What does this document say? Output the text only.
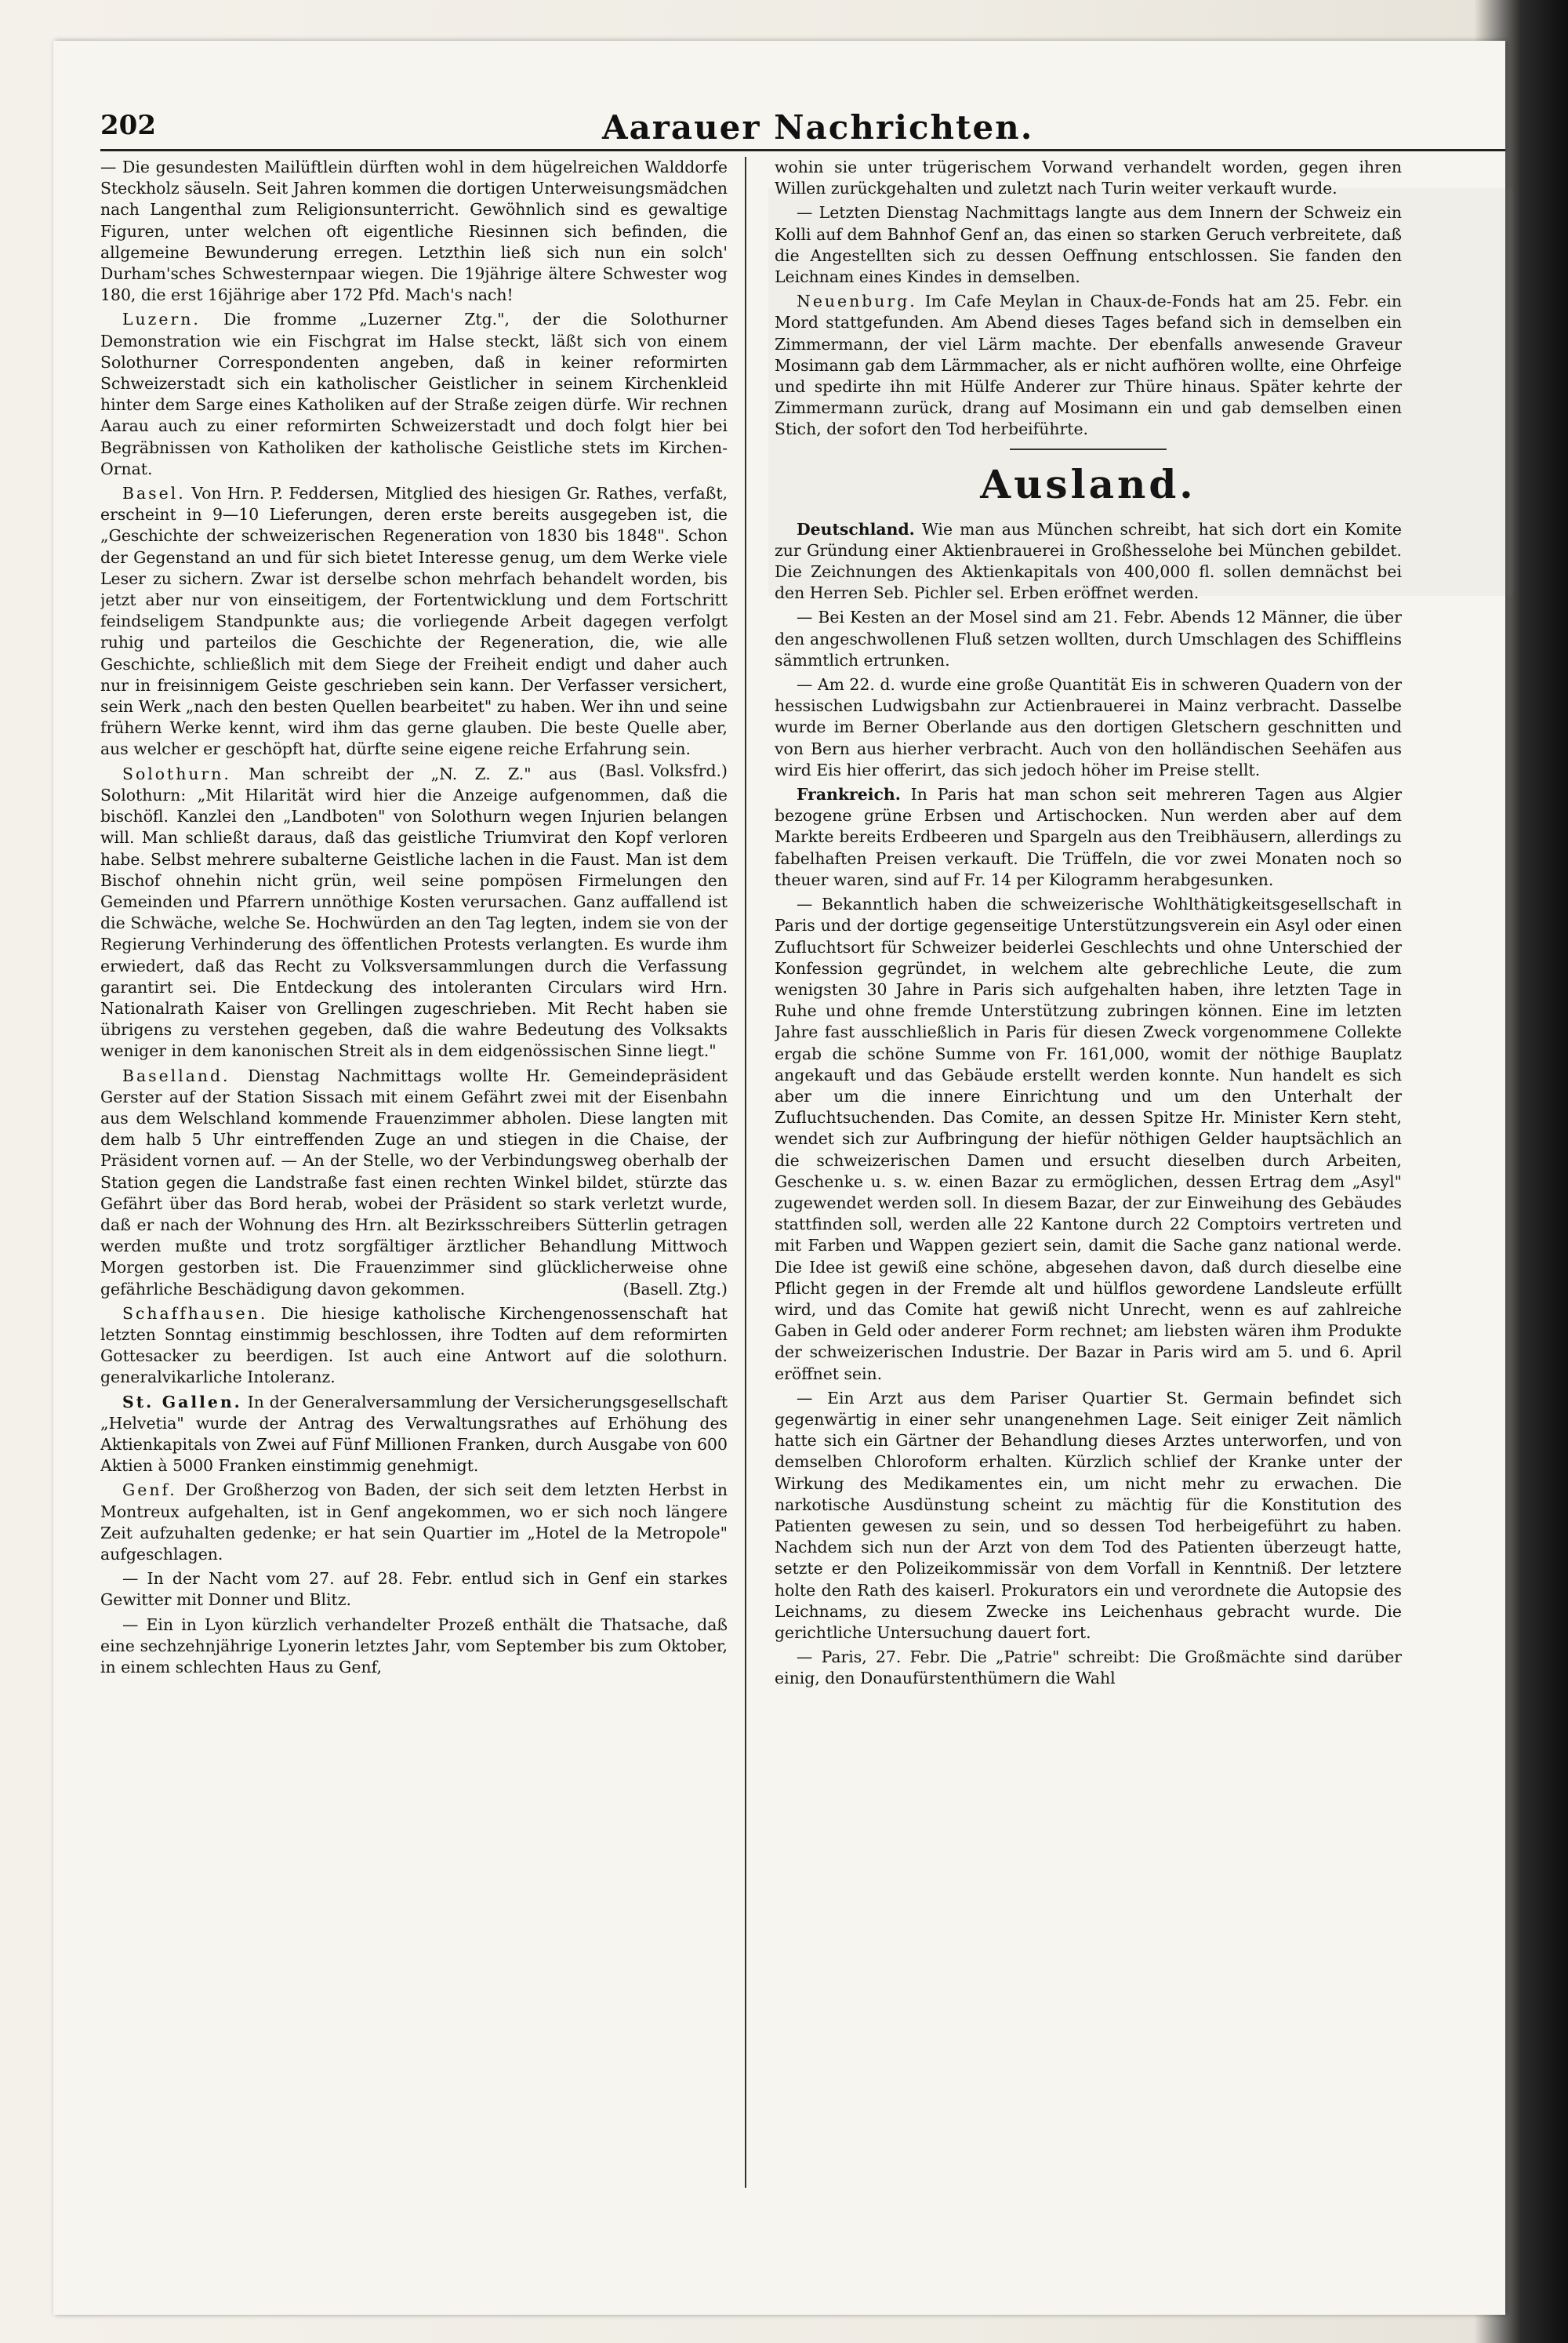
202	Aarauer Nachrichten.

— Die gesundesten Mailüftlein dürften wohl in dem hügelreichen Walddorfe Steckholz säuseln. Seit Jahren kommen die dortigen Unterweisungsmädchen nach Langenthal zum Religionsunterricht. Gewöhnlich sind es gewaltige Figuren, unter welchen oft eigentliche Riesinnen sich befinden, die allgemeine Bewunderung erregen. Letzthin ließ sich nun ein solch' Durham'sches Schwesternpaar wiegen. Die 19jährige ältere Schwester wog 180, die erst 16jährige aber 172 Pfd. Mach's nach!

Luzern. Die fromme „Luzerner Ztg.", der die Solothurner Demonstration wie ein Fischgrat im Halse steckt, läßt sich von einem Solothurner Correspondenten angeben, daß in keiner reformirten Schweizerstadt sich ein katholischer Geistlicher in seinem Kirchenkleid hinter dem Sarge eines Katholiken auf der Straße zeigen dürfe. Wir rechnen Aarau auch zu einer reformirten Schweizerstadt und doch folgt hier bei Begräbnissen von Katholiken der katholische Geistliche stets im Kirchen-Ornat.

Basel. Von Hrn. P. Feddersen, Mitglied des hiesigen Gr. Rathes, verfaßt, erscheint in 9—10 Lieferungen, deren erste bereits ausgegeben ist, die „Geschichte der schweizerischen Regeneration von 1830 bis 1848". Schon der Gegenstand an und für sich bietet Interesse genug, um dem Werke viele Leser zu sichern. Zwar ist derselbe schon mehrfach behandelt worden, bis jetzt aber nur von einseitigem, der Fortentwicklung und dem Fortschritt feindseligem Standpunkte aus; die vorliegende Arbeit dagegen verfolgt ruhig und parteilos die Geschichte der Regeneration, die, wie alle Geschichte, schließlich mit dem Siege der Freiheit endigt und daher auch nur in freisinnigem Geiste geschrieben sein kann. Der Verfasser versichert, sein Werk „nach den besten Quellen bearbeitet" zu haben. Wer ihn und seine frühern Werke kennt, wird ihm das gerne glauben. Die beste Quelle aber, aus welcher er geschöpft hat, dürfte seine eigene reiche Erfahrung sein.
(Basl. Volksfrd.)

Solothurn. Man schreibt der „N. Z. Z." aus Solothurn: „Mit Hilarität wird hier die Anzeige aufgenommen, daß die bischöfl. Kanzlei den „Landboten" von Solothurn wegen Injurien belangen will. Man schließt daraus, daß das geistliche Triumvirat den Kopf verloren habe. Selbst mehrere subalterne Geistliche lachen in die Faust. Man ist dem Bischof ohnehin nicht grün, weil seine pompösen Firmelungen den Gemeinden und Pfarrern unnöthige Kosten verursachen. Ganz auffallend ist die Schwäche, welche Se. Hochwürden an den Tag legten, indem sie von der Regierung Verhinderung des öffentlichen Protests verlangten. Es wurde ihm erwiedert, daß das Recht zu Volksversammlungen durch die Verfassung garantirt sei. Die Entdeckung des intoleranten Circulars wird Hrn. Nationalrath Kaiser von Grellingen zugeschrieben. Mit Recht haben sie übrigens zu verstehen gegeben, daß die wahre Bedeutung des Volksakts weniger in dem kanonischen Streit als in dem eidgenössischen Sinne liegt."

Baselland. Dienstag Nachmittags wollte Hr. Gemeindepräsident Gerster auf der Station Sissach mit einem Gefährt zwei mit der Eisenbahn aus dem Welschland kommende Frauenzimmer abholen. Diese langten mit dem halb 5 Uhr eintreffenden Zuge an und stiegen in die Chaise, der Präsident vornen auf. — An der Stelle, wo der Verbindungsweg oberhalb der Station gegen die Landstraße fast einen rechten Winkel bildet, stürzte das Gefährt über das Bord herab, wobei der Präsident so stark verletzt wurde, daß er nach der Wohnung des Hrn. alt Bezirksschreibers Sütterlin getragen werden mußte und trotz sorgfältiger ärztlicher Behandlung Mittwoch Morgen gestorben ist. Die Frauenzimmer sind glücklicherweise ohne gefährliche Beschädigung davon gekommen.	(Basell. Ztg.)

Schaffhausen. Die hiesige katholische Kirchengenossenschaft hat letzten Sonntag einstimmig beschlossen, ihre Todten auf dem reformirten Gottesacker zu beerdigen. Ist auch eine Antwort auf die solothurn. generalvikarliche Intoleranz.

St. Gallen. In der Generalversammlung der Versicherungsgesellschaft „Helvetia" wurde der Antrag des Verwaltungsrathes auf Erhöhung des Aktienkapitals von Zwei auf Fünf Millionen Franken, durch Ausgabe von 600 Aktien à 5000 Franken einstimmig genehmigt.

Genf. Der Großherzog von Baden, der sich seit dem letzten Herbst in Montreux aufgehalten, ist in Genf angekommen, wo er sich noch längere Zeit aufzuhalten gedenke; er hat sein Quartier im „Hotel de la Metropole" aufgeschlagen.

— In der Nacht vom 27. auf 28. Febr. entlud sich in Genf ein starkes Gewitter mit Donner und Blitz.

— Ein in Lyon kürzlich verhandelter Prozeß enthält die Thatsache, daß eine sechzehnjährige Lyonerin letztes Jahr, vom September bis zum Oktober, in einem schlechten Haus zu Genf,

wohin sie unter trügerischem Vorwand verhandelt worden, gegen ihren Willen zurückgehalten und zuletzt nach Turin weiter verkauft wurde.

— Letzten Dienstag Nachmittags langte aus dem Innern der Schweiz ein Kolli auf dem Bahnhof Genf an, das einen so starken Geruch verbreitete, daß die Angestellten sich zu dessen Oeffnung entschlossen. Sie fanden den Leichnam eines Kindes in demselben.

Neuenburg. Im Cafe Meylan in Chaux-de-Fonds hat am 25. Febr. ein Mord stattgefunden. Am Abend dieses Tages befand sich in demselben ein Zimmermann, der viel Lärm machte. Der ebenfalls anwesende Graveur Mosimann gab dem Lärmmacher, als er nicht aufhören wollte, eine Ohrfeige und spedirte ihn mit Hülfe Anderer zur Thüre hinaus. Später kehrte der Zimmermann zurück, drang auf Mosimann ein und gab demselben einen Stich, der sofort den Tod herbeiführte.

Ausland.

Deutschland. Wie man aus München schreibt, hat sich dort ein Komite zur Gründung einer Aktienbrauerei in Großhesselohe bei München gebildet. Die Zeichnungen des Aktienkapitals von 400,000 fl. sollen demnächst bei den Herren Seb. Pichler sel. Erben eröffnet werden.

— Bei Kesten an der Mosel sind am 21. Febr. Abends 12 Männer, die über den angeschwollenen Fluß setzen wollten, durch Umschlagen des Schiffleins sämmtlich ertrunken.

— Am 22. d. wurde eine große Quantität Eis in schweren Quadern von der hessischen Ludwigsbahn zur Actienbrauerei in Mainz verbracht. Dasselbe wurde im Berner Oberlande aus den dortigen Gletschern geschnitten und von Bern aus hierher verbracht. Auch von den holländischen Seehäfen aus wird Eis hier offerirt, das sich jedoch höher im Preise stellt.

Frankreich. In Paris hat man schon seit mehreren Tagen aus Algier bezogene grüne Erbsen und Artischocken. Nun werden aber auf dem Markte bereits Erdbeeren und Spargeln aus den Treibhäusern, allerdings zu fabelhaften Preisen verkauft. Die Trüffeln, die vor zwei Monaten noch so theuer waren, sind auf Fr. 14 per Kilogramm herabgesunken.

— Bekanntlich haben die schweizerische Wohlthätigkeitsgesellschaft in Paris und der dortige gegenseitige Unterstützungsverein ein Asyl oder einen Zufluchtsort für Schweizer beiderlei Geschlechts und ohne Unterschied der Konfession gegründet, in welchem alte gebrechliche Leute, die zum wenigsten 30 Jahre in Paris sich aufgehalten haben, ihre letzten Tage in Ruhe und ohne fremde Unterstützung zubringen können. Eine im letzten Jahre fast ausschließlich in Paris für diesen Zweck vorgenommene Collekte ergab die schöne Summe von Fr. 161,000, womit der nöthige Bauplatz angekauft und das Gebäude erstellt werden konnte. Nun handelt es sich aber um die innere Einrichtung und um den Unterhalt der Zufluchtsuchenden. Das Comite, an dessen Spitze Hr. Minister Kern steht, wendet sich zur Aufbringung der hiefür nöthigen Gelder hauptsächlich an die schweizerischen Damen und ersucht dieselben durch Arbeiten, Geschenke u. s. w. einen Bazar zu ermöglichen, dessen Ertrag dem „Asyl" zugewendet werden soll. In diesem Bazar, der zur Einweihung des Gebäudes stattfinden soll, werden alle 22 Kantone durch 22 Comptoirs vertreten und mit Farben und Wappen geziert sein, damit die Sache ganz national werde. Die Idee ist gewiß eine schöne, abgesehen davon, daß durch dieselbe eine Pflicht gegen in der Fremde alt und hülflos gewordene Landsleute erfüllt wird, und das Comite hat gewiß nicht Unrecht, wenn es auf zahlreiche Gaben in Geld oder anderer Form rechnet; am liebsten wären ihm Produkte der schweizerischen Industrie. Der Bazar in Paris wird am 5. und 6. April eröffnet sein.

— Ein Arzt aus dem Pariser Quartier St. Germain befindet sich gegenwärtig in einer sehr unangenehmen Lage. Seit einiger Zeit nämlich hatte sich ein Gärtner der Behandlung dieses Arztes unterworfen, und von demselben Chloroform erhalten. Kürzlich schlief der Kranke unter der Wirkung des Medikamentes ein, um nicht mehr zu erwachen. Die narkotische Ausdünstung scheint zu mächtig für die Konstitution des Patienten gewesen zu sein, und so dessen Tod herbeigeführt zu haben. Nachdem sich nun der Arzt von dem Tod des Patienten überzeugt hatte, setzte er den Polizeikommissär von dem Vorfall in Kenntniß. Der letztere holte den Rath des kaiserl. Prokurators ein und verordnete die Autopsie des Leichnams, zu diesem Zwecke ins Leichenhaus gebracht wurde. Die gerichtliche Untersuchung dauert fort.

— Paris, 27. Febr. Die „Patrie" schreibt: Die Großmächte sind darüber einig, den Donaufürstenthümern die Wahl
